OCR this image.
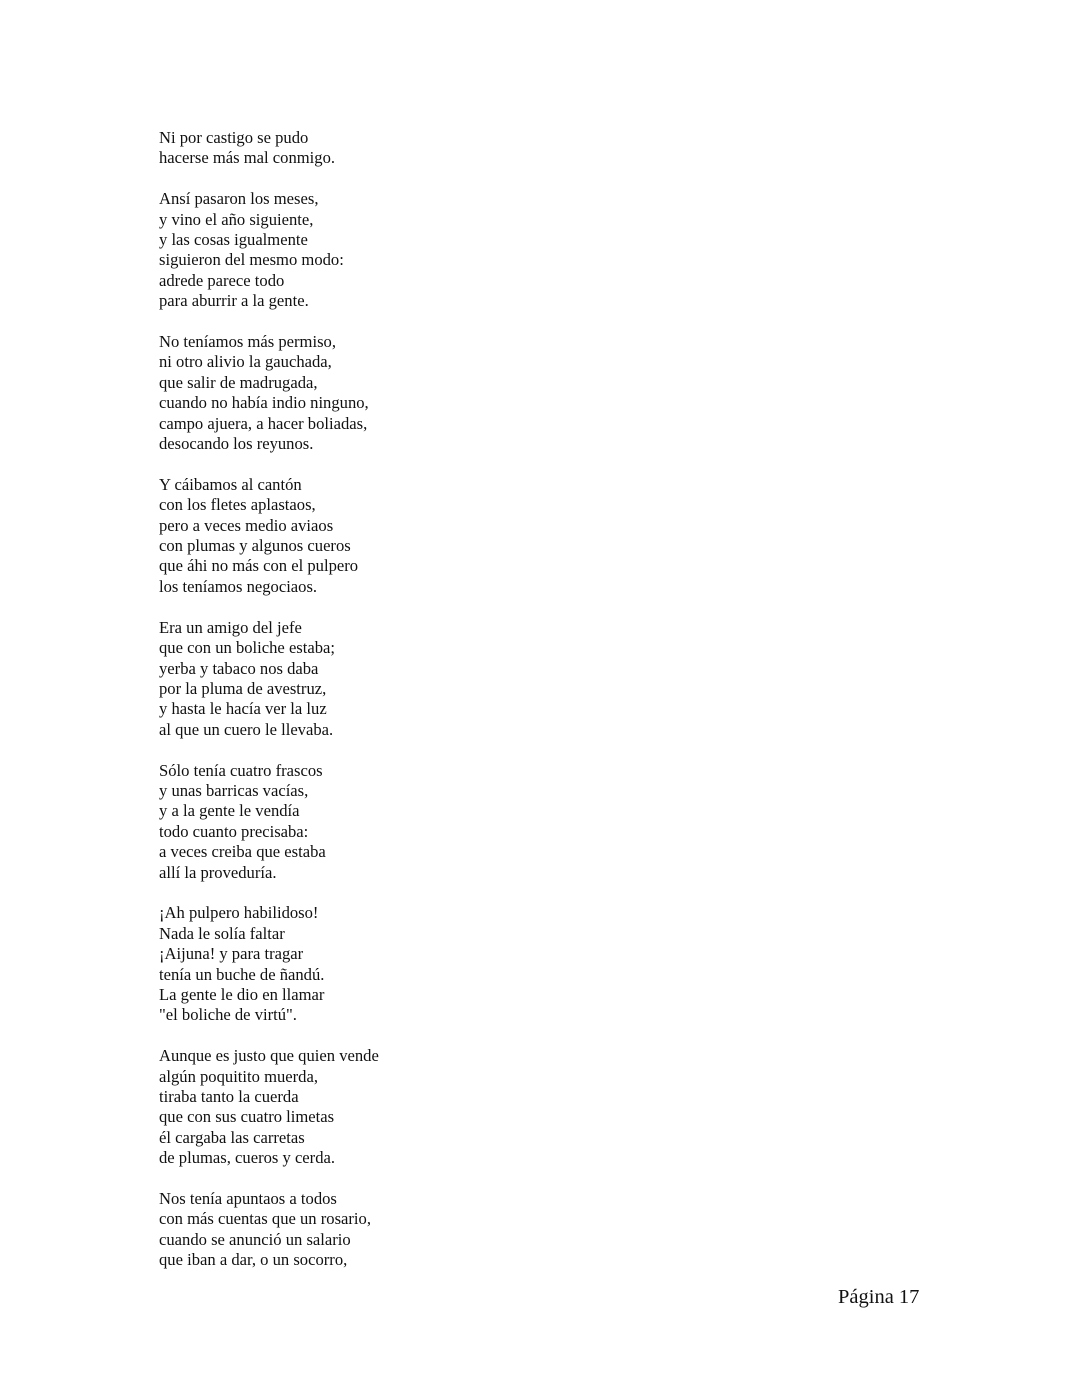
Ni por castigo se pudo
hacerse más mal conmigo.
Ansí pasaron los meses,
y vino el año siguiente,
y las cosas igualmente
siguieron del mesmo modo:
adrede parece todo
para aburrir a la gente.
No teníamos más permiso,
ni otro alivio la gauchada,
que salir de madrugada,
cuando no había indio ninguno,
campo ajuera, a hacer boliadas,
desocando los reyunos.
Y cáibamos al cantón
con los fletes aplastaos,
pero a veces medio aviaos
con plumas y algunos cueros
que áhi no más con el pulpero
los teníamos negociaos.
Era un amigo del jefe
que con un boliche estaba;
yerba y tabaco nos daba
por la pluma de avestruz,
y hasta le hacía ver la luz
al que un cuero le llevaba.
Sólo tenía cuatro frascos
y unas barricas vacías,
y a la gente le vendía
todo cuanto precisaba:
a veces creiba que estaba
allí la proveduría.
¡Ah pulpero habilidoso!
Nada le solía faltar
¡Aijuna! y para tragar
tenía un buche de ñandú.
La gente le dio en llamar
"el boliche de virtú".
Aunque es justo que quien vende
algún poquitito muerda,
tiraba tanto la cuerda
que con sus cuatro limetas
él cargaba las carretas
de plumas, cueros y cerda.
Nos tenía apuntaos a todos
con más cuentas que un rosario,
cuando se anunció un salario
que iban a dar, o un socorro,
Página 17
